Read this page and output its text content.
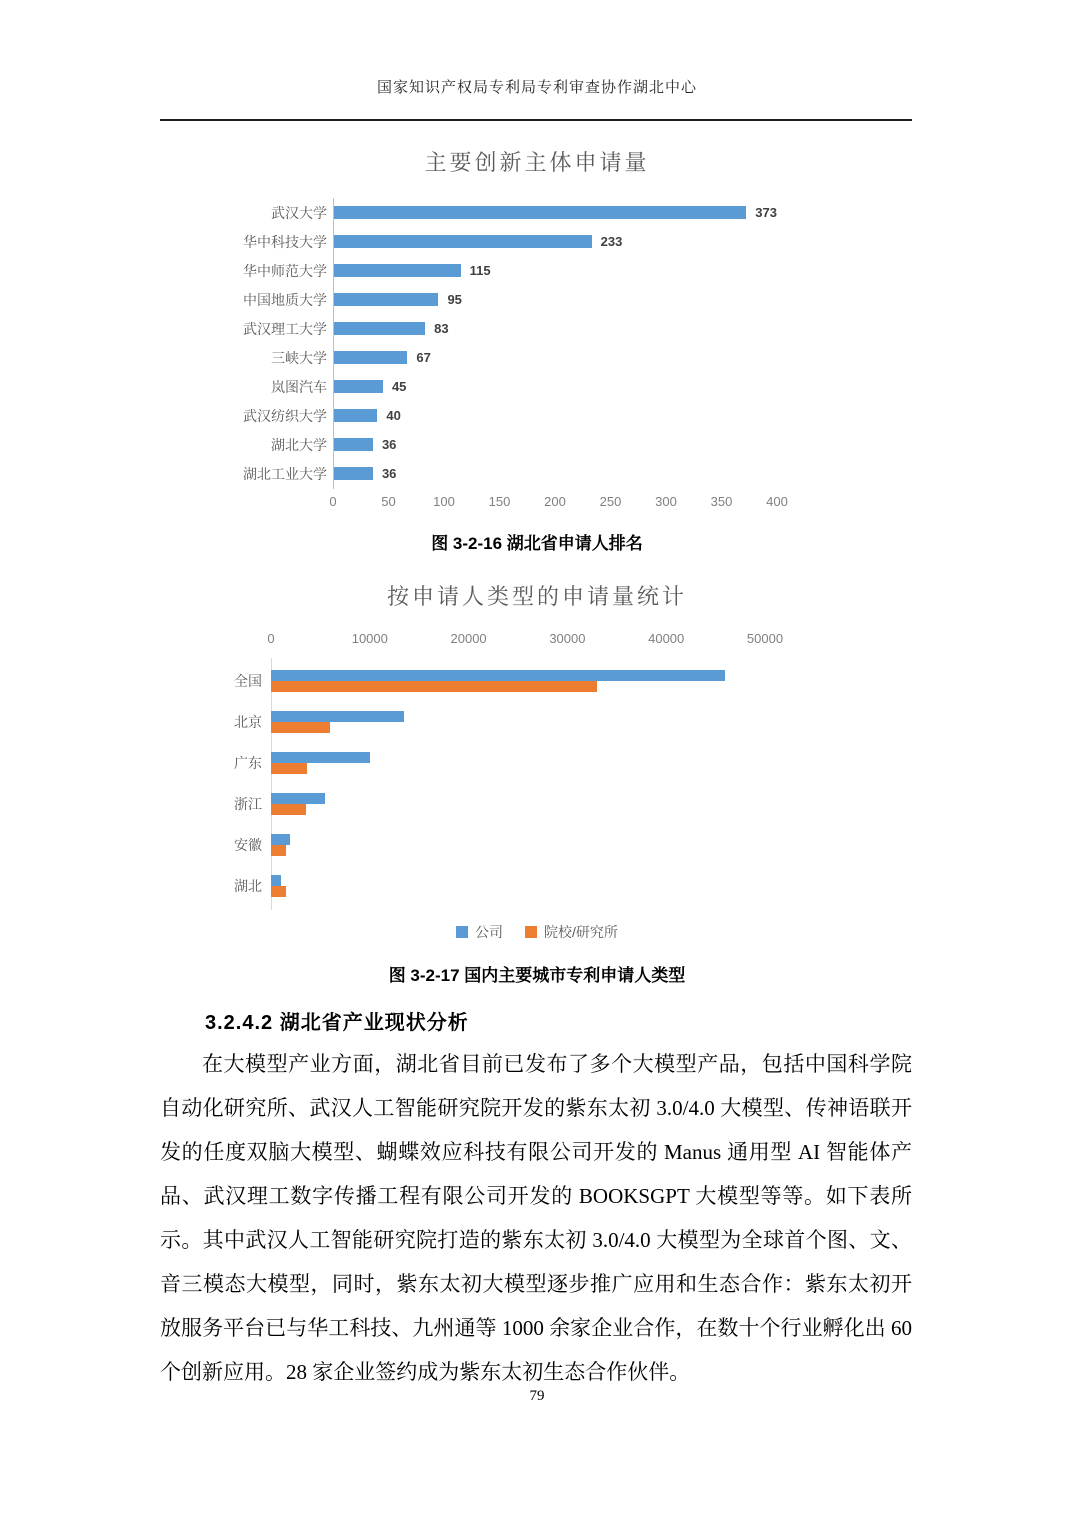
国家知识产权局专利局专利审查协作湖北中心
主要创新主体申请量
武汉大学	373
华中科技大学	233
华中师范大学	115
中国地质大学	95
武汉理工大学	83
三峡大学	67
岚图汽车	45
武汉纺织大学	40
湖北大学	36
湖北工业大学	36
0	50	100	150	200	250	300	350	400

图 3-2-16 湖北省申请人排名

按申请人类型的申请量统计
0	10000	20000	30000	40000	50000
全国
北京
广东
浙江
安徽
湖北
公司	院校/研究所

图 3-2-17 国内主要城市专利申请人类型

3.2.4.2 湖北省产业现状分析

在大模型产业方面，湖北省目前已发布了多个大模型产品，包括中国科学院自动化研究所、武汉人工智能研究院开发的紫东太初 3.0/4.0 大模型、传神语联开发的任度双脑大模型、蝴蝶效应科技有限公司开发的 Manus 通用型 AI 智能体产品、武汉理工数字传播工程有限公司开发的 BOOKSGPT 大模型等等。如下表所示。其中武汉人工智能研究院打造的紫东太初 3.0/4.0 大模型为全球首个图、文、音三模态大模型，同时，紫东太初大模型逐步推广应用和生态合作：紫东太初开放服务平台已与华工科技、九州通等 1000 余家企业合作，在数十个行业孵化出 60 个创新应用。28 家企业签约成为紫东太初生态合作伙伴。

79
